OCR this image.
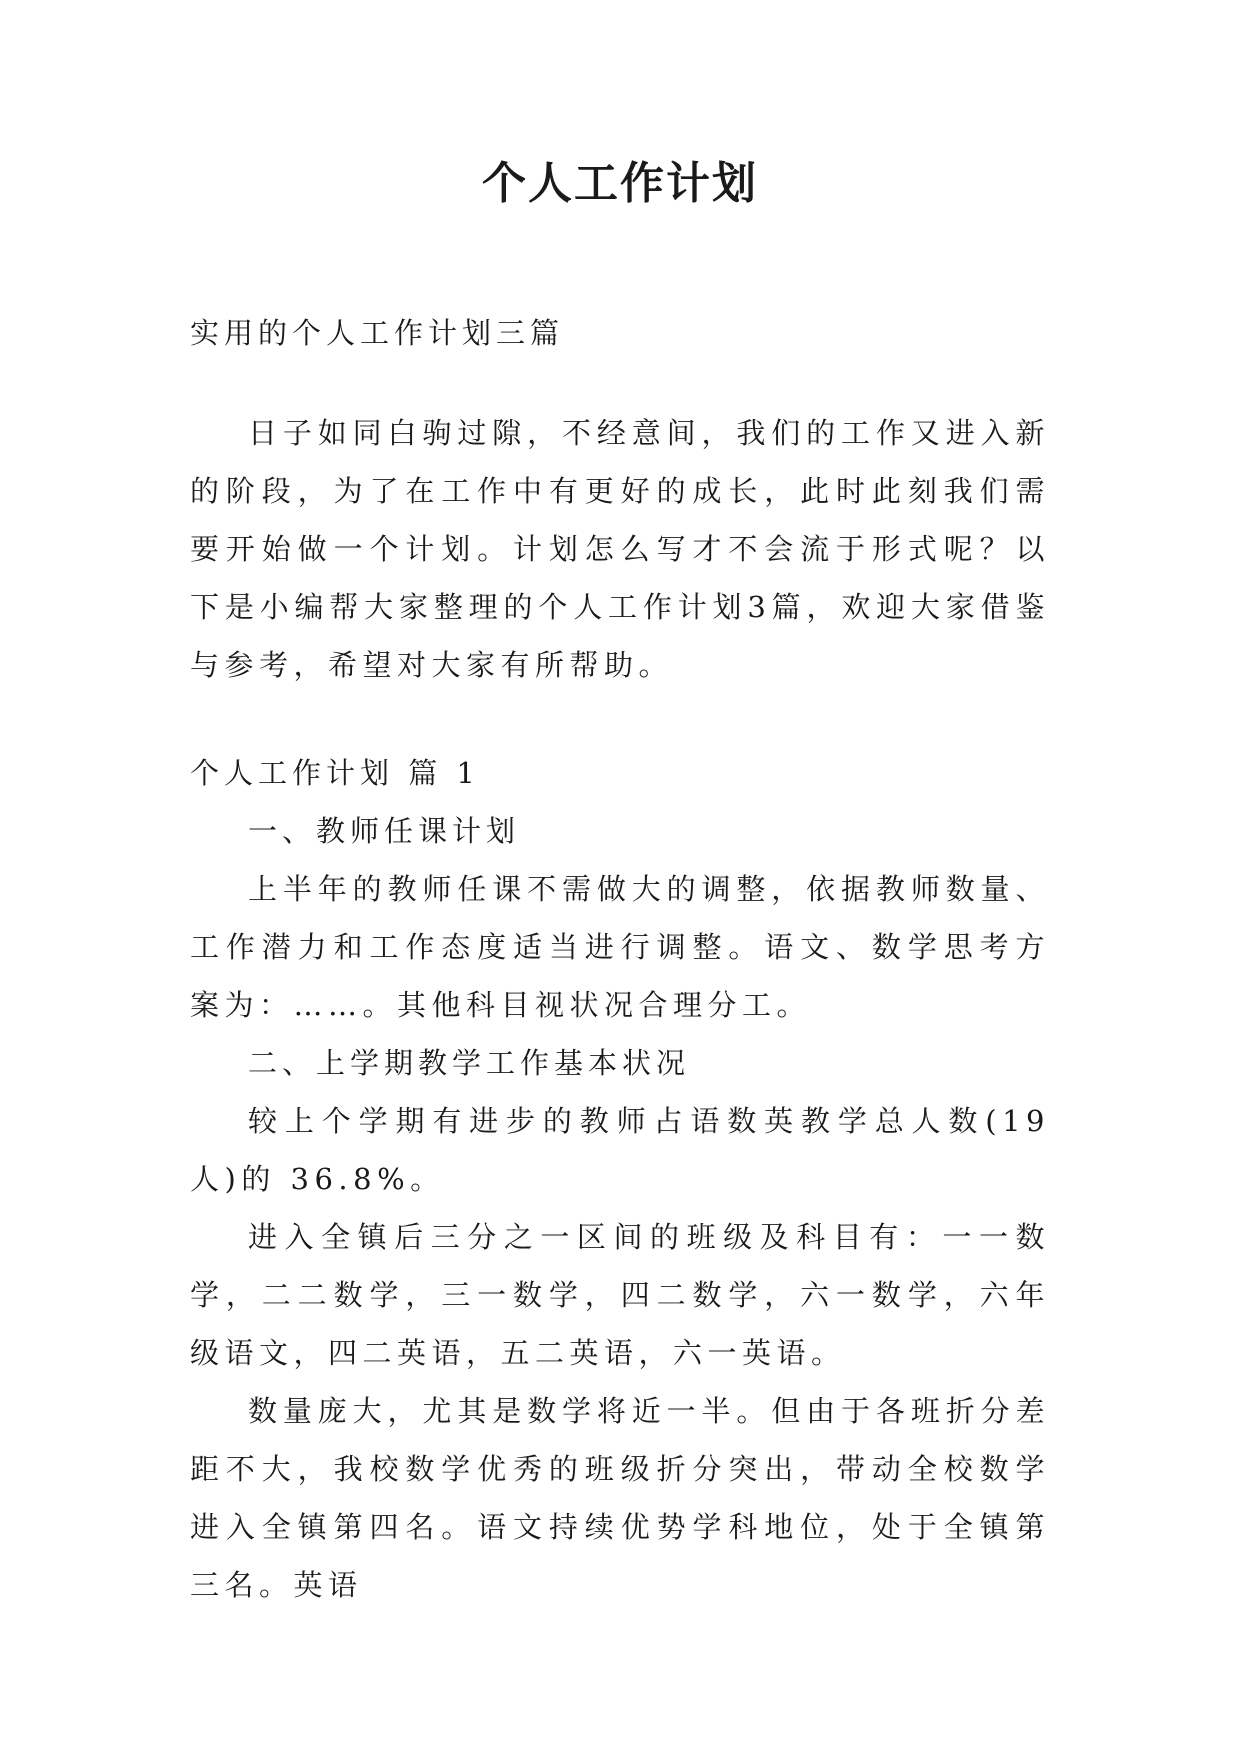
个人工作计划

实用的个人工作计划三篇

日子如同白驹过隙，不经意间，我们的工作又进入新的阶段，为了在工作中有更好的成长，此时此刻我们需要开始做一个计划。计划怎么写才不会流于形式呢？以下是小编帮大家整理的个人工作计划3篇，欢迎大家借鉴与参考，希望对大家有所帮助。

个人工作计划 篇 1

一、教师任课计划

上半年的教师任课不需做大的调整，依据教师数量、工作潜力和工作态度适当进行调整。语文、数学思考方案为：……。其他科目视状况合理分工。

二、上学期教学工作基本状况

较上个学期有进步的教师占语数英教学总人数(19 人)的 36.8%。

进入全镇后三分之一区间的班级及科目有：一一数学，二二数学，三一数学，四二数学，六一数学，六年级语文，四二英语，五二英语，六一英语。

数量庞大，尤其是数学将近一半。但由于各班折分差距不大，我校数学优秀的班级折分突出，带动全校数学进入全镇第四名。语文持续优势学科地位，处于全镇第三名。英语
